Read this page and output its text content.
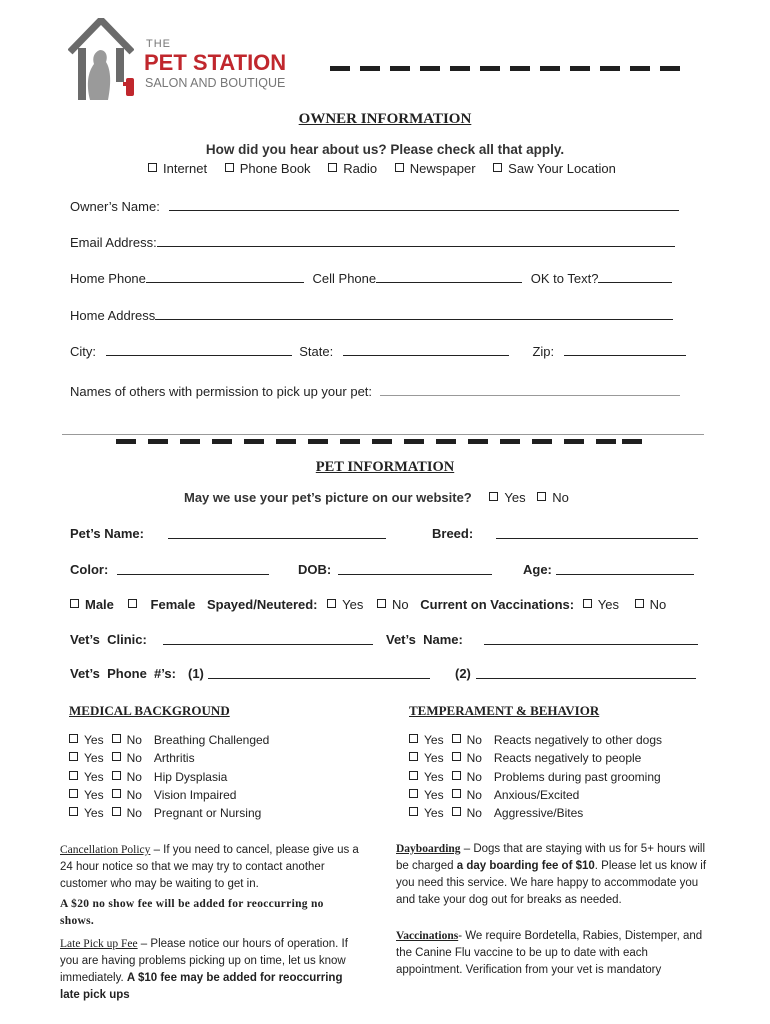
THE
PET STATION
SALON AND BOUTIQUE
OWNER INFORMATION
How did you hear about us? Please check all that apply.
Internet	Phone Book	Radio	Newspaper	Saw Your Location
Owner’s Name:
Email Address:
Home Phone	Cell Phone	OK to Text?
Home Address
City:	State:	Zip:
Names of others with permission to pick up your pet:
PET INFORMATION
May we use your pet’s picture on our website?	Yes No
Pet’s Name:	Breed:
Color:	DOB:	Age:
Male	Female Spayed/Neutered: Yes No Current on Vaccinations: Yes No
Vet’s  Clinic:	Vet’s  Name:
Vet’s  Phone  #’s: (1)	(2)
MEDICAL BACKGROUND
Yes No Breathing Challenged
Yes No Arthritis
Yes No Hip Dysplasia
Yes No Vision Impaired
Yes No Pregnant or Nursing
TEMPERAMENT & BEHAVIOR
Yes No Reacts negatively to other dogs
Yes No Reacts negatively to people
Yes No Problems during past grooming
Yes No Anxious/Excited
Yes No Aggressive/Bites
Cancellation Policy – If you need to cancel, please give us a 24 hour notice so that we may try to contact another customer who may be waiting to get in.
A $20 no show fee will be added for reoccurring no shows.
Late Pick up Fee – Please notice our hours of operation. If you are having problems picking up on time, let us know immediately. A $10 fee may be added for reoccurring late pick ups
Dayboarding – Dogs that are staying with us for 5+ hours will be charged a day boarding fee of $10. Please let us know if you need this service. We hare happy to accommodate you and take your dog out for breaks as needed.
Vaccinations- We require Bordetella, Rabies, Distemper, and the Canine Flu vaccine to be up to date with each appointment. Verification from your vet is mandatory
